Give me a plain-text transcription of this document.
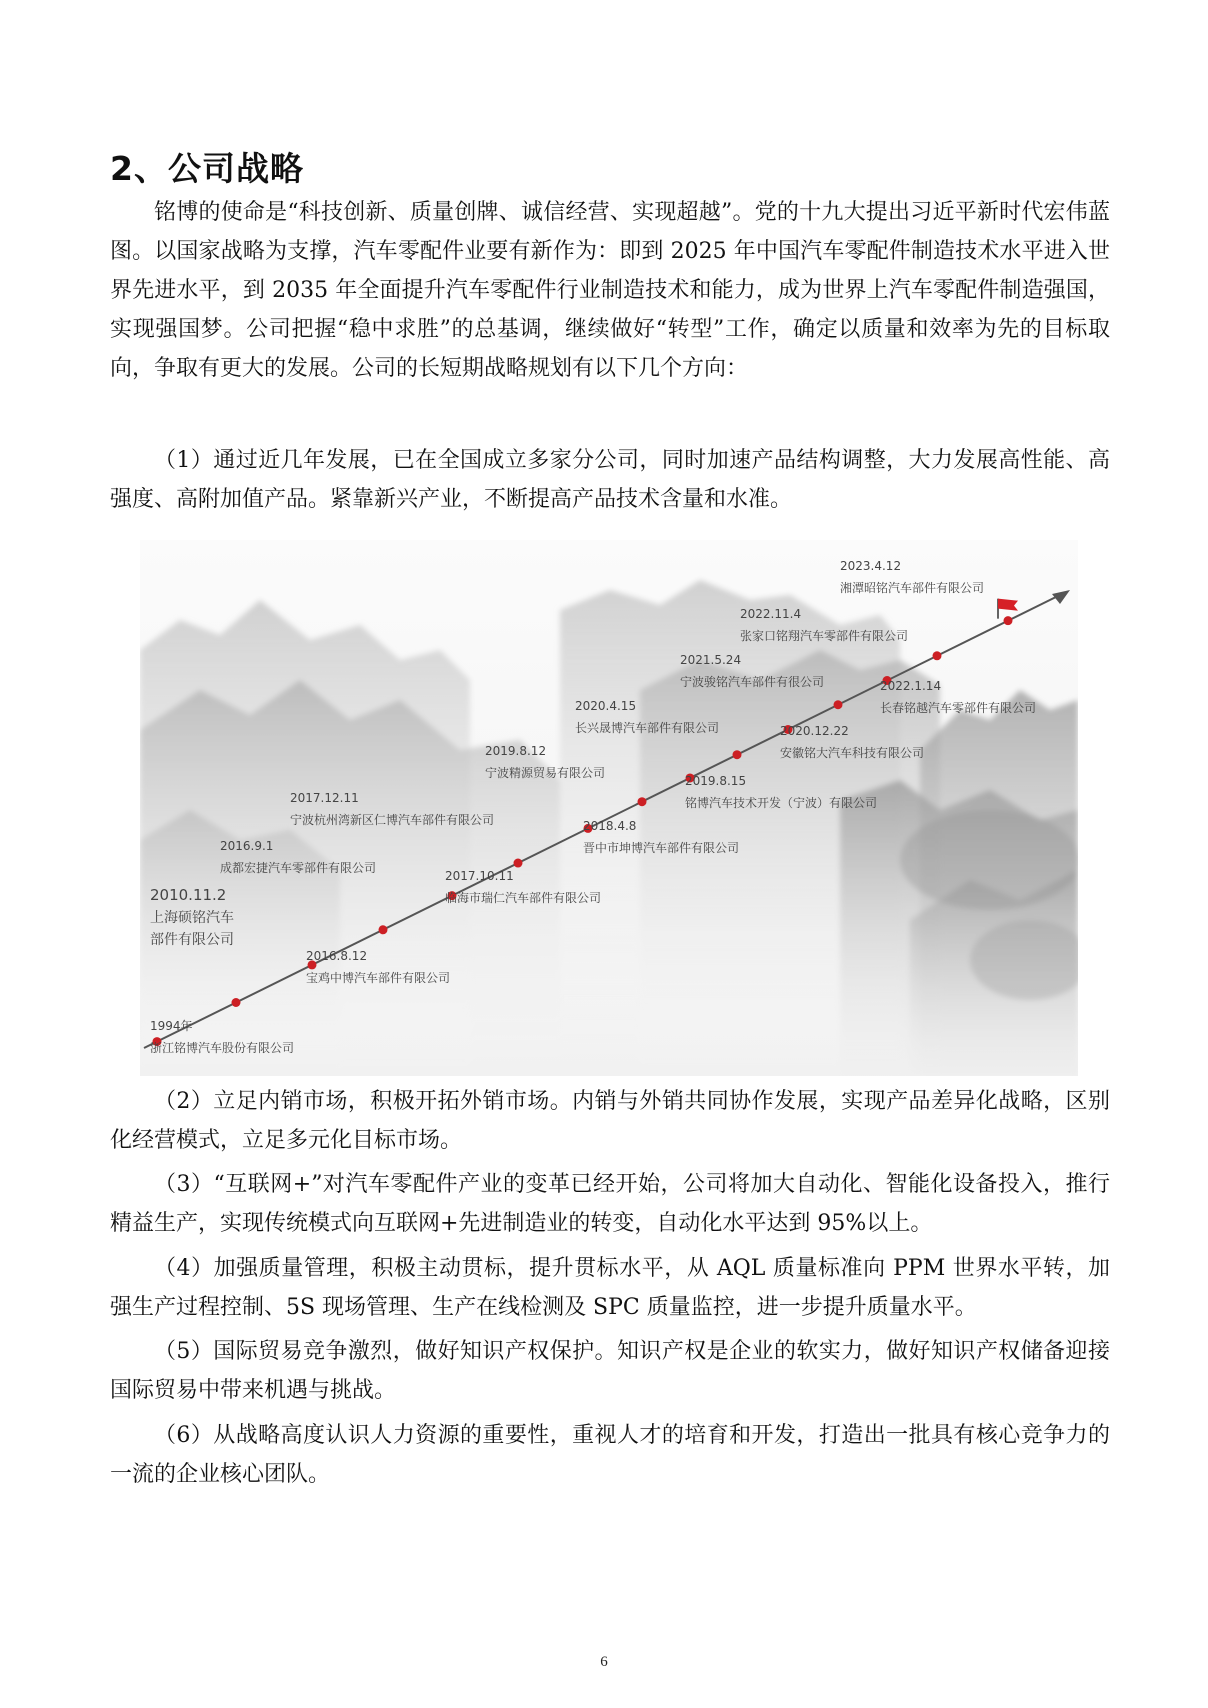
2、公司战略

铭博的使命是“科技创新、质量创牌、诚信经营、实现超越”。党的十九大提出习近平新时代宏伟蓝图。以国家战略为支撑，汽车零配件业要有新作为：即到 2025 年中国汽车零配件制造技术水平进入世界先进水平，到 2035 年全面提升汽车零配件行业制造技术和能力，成为世界上汽车零配件制造强国，实现强国梦。公司把握“稳中求胜”的总基调，继续做好“转型”工作，确定以质量和效率为先的目标取向，争取有更大的发展。公司的长短期战略规划有以下几个方向：

（1）通过近几年发展，已在全国成立多家分公司，同时加速产品结构调整，大力发展高性能、高强度、高附加值产品。紧靠新兴产业，不断提高产品技术含量和水准。

1994年
浙江铭博汽车股份有限公司
2010.11.2
上海硕铭汽车
部件有限公司
2016.8.12
宝鸡中博汽车部件有限公司
2016.9.1
成都宏捷汽车零部件有限公司
2017.10.11
临海市瑞仁汽车部件有限公司
2017.12.11
宁波杭州湾新区仁博汽车部件有限公司	2018.4.8
晋中市坤博汽车部件有限公司
2019.8.12
宁波精源贸易有限公司
2019.8.15
铭博汽车技术开发（宁波）有限公司
2020.4.15
长兴晟博汽车部件有限公司	2020.12.22
安徽铭大汽车科技有限公司
2021.5.24
宁波骏铭汽车部件有很公司	2022.1.14
长春铭越汽车零部件有限公司
2022.11.4
张家口铭翔汽车零部件有限公司
2023.4.12
湘潭昭铭汽车部件有限公司

（2）立足内销市场，积极开拓外销市场。内销与外销共同协作发展，实现产品差异化战略，区别化经营模式，立足多元化目标市场。

（3）“互联网+”对汽车零配件产业的变革已经开始，公司将加大自动化、智能化设备投入，推行精益生产，实现传统模式向互联网+先进制造业的转变，自动化水平达到 95%以上。

（4）加强质量管理，积极主动贯标，提升贯标水平，从 AQL 质量标准向 PPM 世界水平转，加强生产过程控制、5S 现场管理、生产在线检测及 SPC 质量监控，进一步提升质量水平。

（5）国际贸易竞争激烈，做好知识产权保护。知识产权是企业的软实力，做好知识产权储备迎接国际贸易中带来机遇与挑战。

（6）从战略高度认识人力资源的重要性，重视人才的培育和开发，打造出一批具有核心竞争力的一流的企业核心团队。

6
